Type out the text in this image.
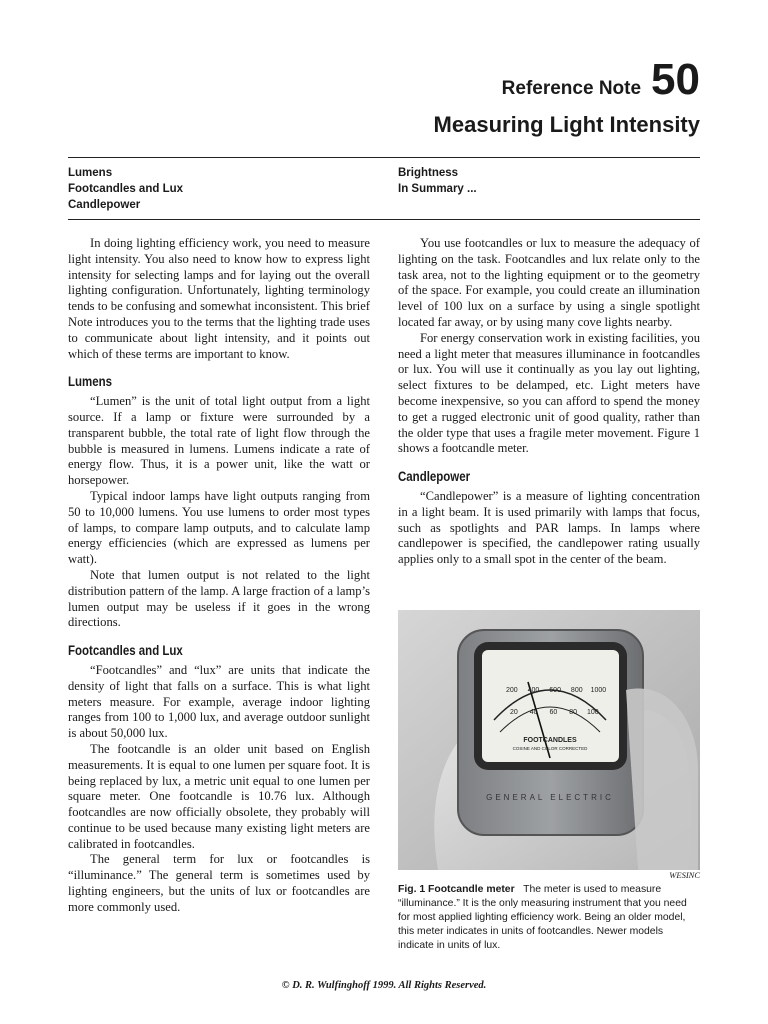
Reference Note 50
Measuring Light Intensity
Lumens
Footcandles and Lux
Candlepower
Brightness
In Summary ...

In doing lighting efficiency work, you need to measure light intensity. You also need to know how to express light intensity for selecting lamps and for laying out the overall lighting configuration. Unfortunately, lighting terminology tends to be confusing and somewhat inconsistent. This brief Note introduces you to the terms that the lighting trade uses to communicate about light intensity, and it points out which of these terms are important to know.

Lumens

“Lumen” is the unit of total light output from a light source. If a lamp or fixture were surrounded by a transparent bubble, the total rate of light flow through the bubble is measured in lumens. Lumens indicate a rate of energy flow. Thus, it is a power unit, like the watt or horsepower.

Typical indoor lamps have light outputs ranging from 50 to 10,000 lumens. You use lumens to order most types of lamps, to compare lamp outputs, and to calculate lamp energy efficiencies (which are expressed as lumens per watt).

Note that lumen output is not related to the light distribution pattern of the lamp. A large fraction of a lamp’s lumen output may be useless if it goes in the wrong directions.

Footcandles and Lux

“Footcandles” and “lux” are units that indicate the density of light that falls on a surface. This is what light meters measure. For example, average indoor lighting ranges from 100 to 1,000 lux, and average outdoor sunlight is about 50,000 lux.

The footcandle is an older unit based on English measurements. It is equal to one lumen per square foot. It is being replaced by lux, a metric unit equal to one lumen per square meter. One footcandle is 10.76 lux. Although footcandles are now officially obsolete, they probably will continue to be used because many existing light meters are calibrated in footcandles.

The general term for lux or footcandles is “illuminance.” The general term is sometimes used by lighting engineers, but the units of lux or footcandles are more commonly used.

You use footcandles or lux to measure the adequacy of lighting on the task. Footcandles and lux relate only to the task area, not to the lighting equipment or to the geometry of the space. For example, you could create an illumination level of 100 lux on a surface by using a single spotlight located far away, or by using many cove lights nearby.

For energy conservation work in existing facilities, you need a light meter that measures illuminance in footcandles or lux. You will use it continually as you lay out lighting, select fixtures to be delamped, etc. Light meters have become inexpensive, so you can afford to spend the money to get a rugged electronic unit of good quality, rather than the older type that uses a fragile meter movement. Figure 1 shows a footcandle meter.

Candlepower

“Candlepower” is a measure of lighting concentration in a light beam. It is used primarily with lamps that focus, such as spotlights and PAR lamps. In lamps where candlepower is specified, the candlepower rating usually applies only to a small spot in the center of the beam.

200 400 600 800 1000
20 40 60 80 100
FOOTCANDLES
COSINE AND COLOR CORRECTED
GENERAL ELECTRIC
WESINC
Fig. 1 Footcandle meter The meter is used to measure “illuminance.” It is the only measuring instrument that you need for most applied lighting efficiency work. Being an older model, this meter indicates in units of footcandles. Newer models indicate in units of lux.
© D. R. Wulfinghoff 1999. All Rights Reserved.
